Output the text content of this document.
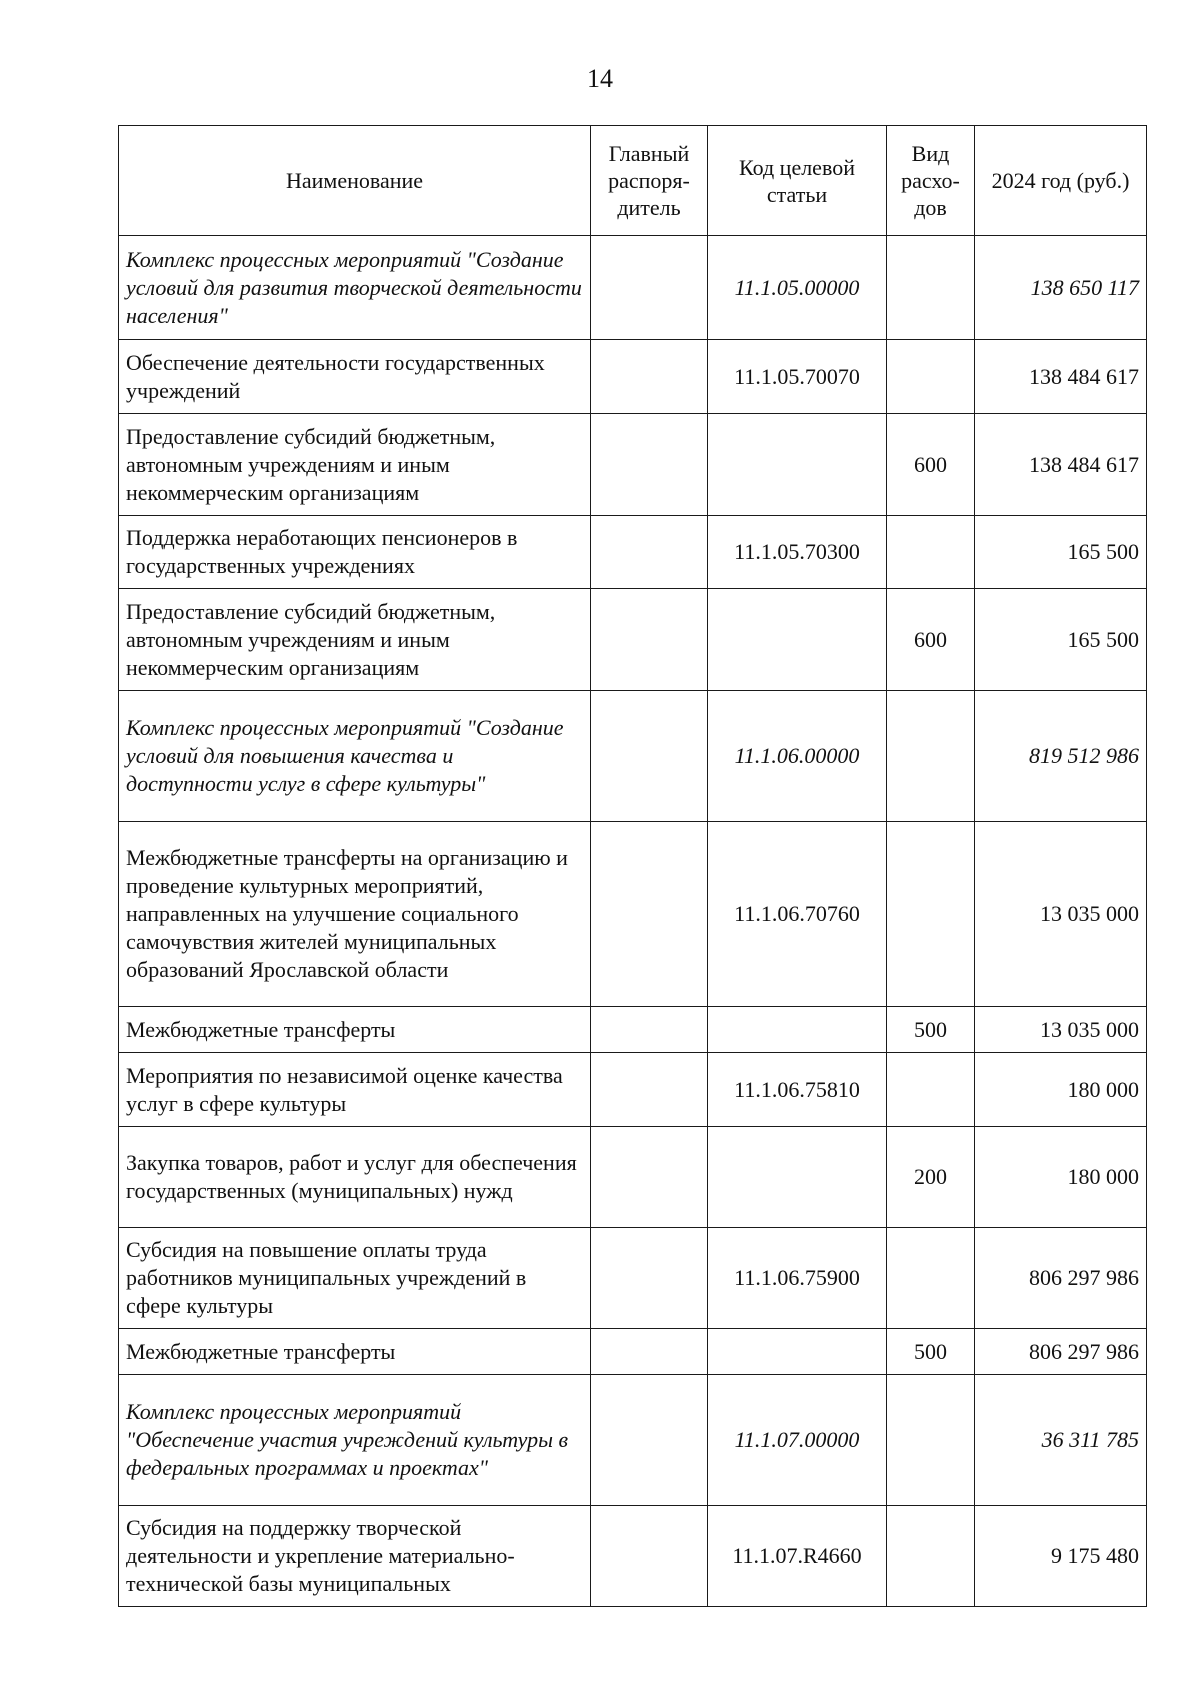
14
Наименование	Главный распоря-дитель	Код целевой статьи	Вид расхо-дов	2024 год (руб.)
Комплекс процессных мероприятий "Создание условий для развития творческой деятельности населения"		11.1.05.00000		138 650 117
Обеспечение деятельности государственных учреждений		11.1.05.70070		138 484 617
Предоставление субсидий бюджетным, автономным учреждениям и иным некоммерческим организациям			600	138 484 617
Поддержка неработающих пенсионеров в государственных учреждениях		11.1.05.70300		165 500
Предоставление субсидий бюджетным, автономным учреждениям и иным некоммерческим организациям			600	165 500
Комплекс процессных мероприятий "Создание условий для повышения качества и доступности услуг в сфере культуры"		11.1.06.00000		819 512 986
Межбюджетные трансферты на организацию и проведение культурных мероприятий, направленных на улучшение социального самочувствия жителей муниципальных образований Ярославской области		11.1.06.70760		13 035 000
Межбюджетные трансферты			500	13 035 000
Мероприятия по независимой оценке качества услуг в сфере культуры		11.1.06.75810		180 000
Закупка товаров, работ и услуг для обеспечения государственных (муниципальных) нужд			200	180 000
Субсидия на повышение оплаты труда работников муниципальных учреждений в сфере культуры		11.1.06.75900		806 297 986
Межбюджетные трансферты			500	806 297 986
Комплекс процессных мероприятий "Обеспечение участия учреждений культуры в федеральных программах и проектах"		11.1.07.00000		36 311 785
Субсидия на поддержку творческой деятельности и укрепление материально-технической базы муниципальных		11.1.07.R4660		9 175 480
